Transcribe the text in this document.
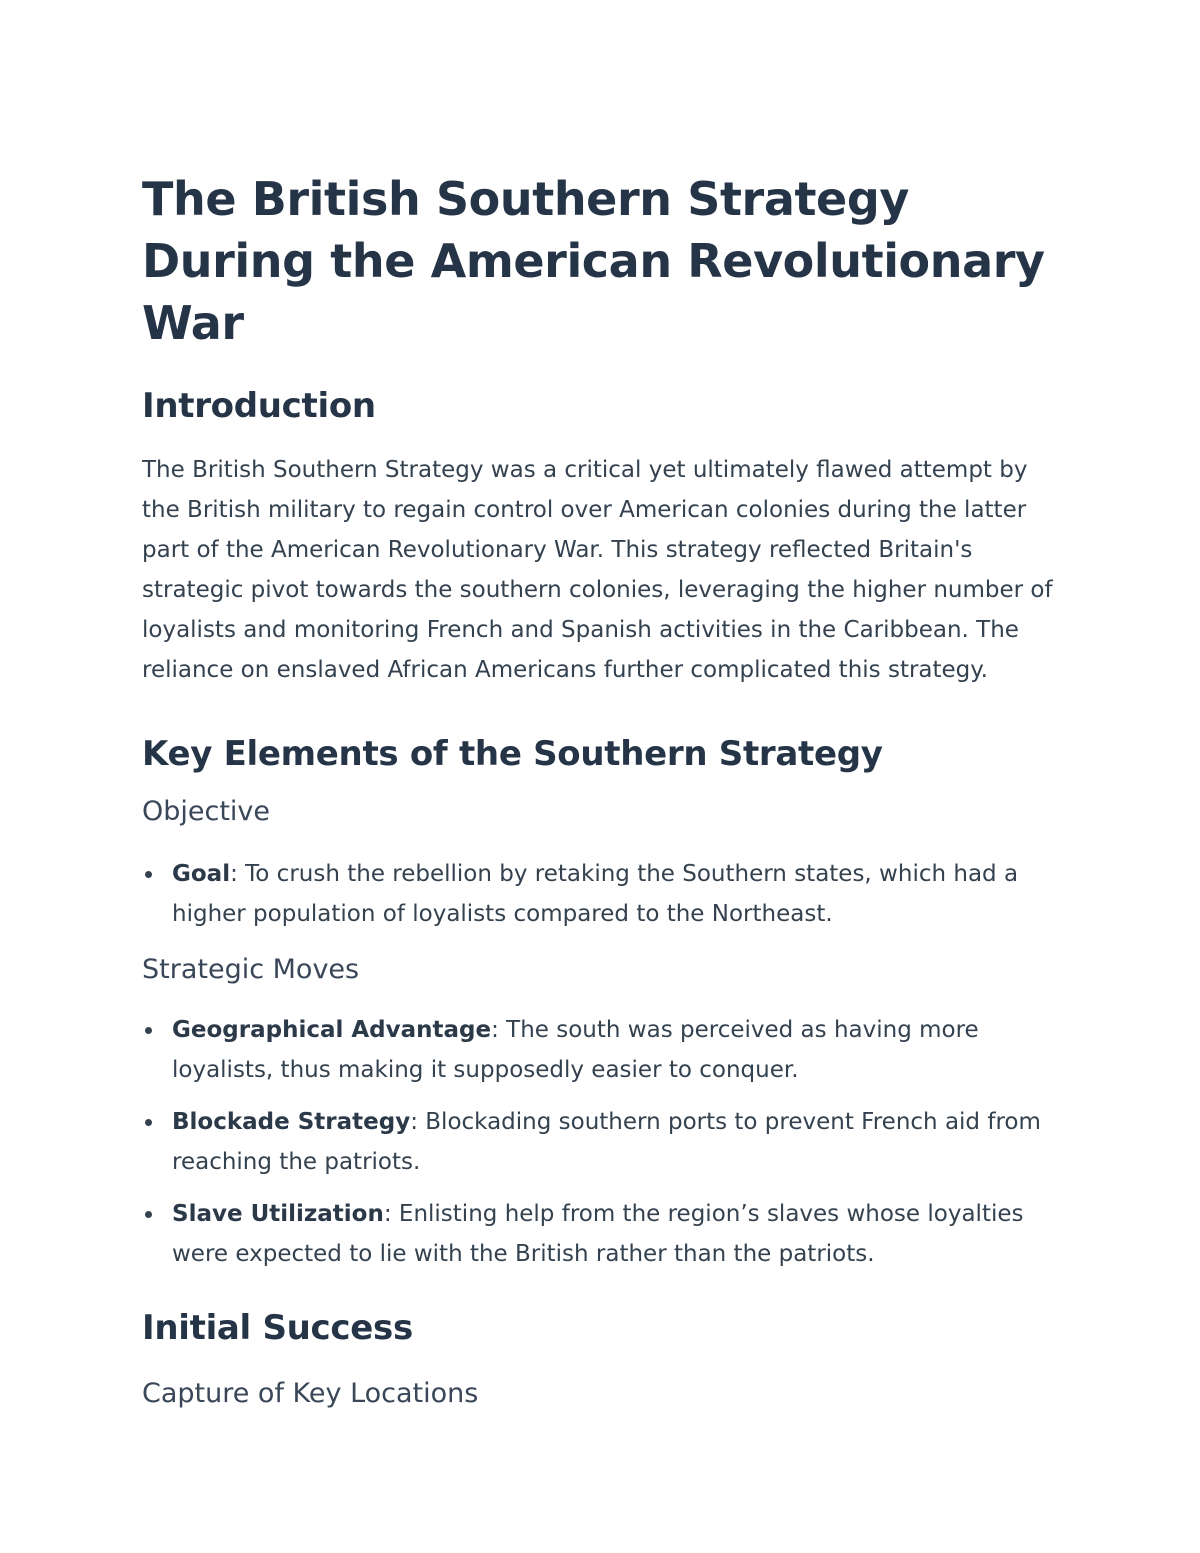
The British Southern Strategy During the American Revolutionary War
Introduction

The British Southern Strategy was a critical yet ultimately flawed attempt by the British military to regain control over American colonies during the latter part of the American Revolutionary War. This strategy reflected Britain's strategic pivot towards the southern colonies, leveraging the higher number of loyalists and monitoring French and Spanish activities in the Caribbean. The reliance on enslaved African Americans further complicated this strategy.

Key Elements of the Southern Strategy
Objective
Goal: To crush the rebellion by retaking the Southern states, which had a higher population of loyalists compared to the Northeast.
Strategic Moves
Geographical Advantage: The south was perceived as having more loyalists, thus making it supposedly easier to conquer.
Blockade Strategy: Blockading southern ports to prevent French aid from reaching the patriots.
Slave Utilization: Enlisting help from the region’s slaves whose loyalties were expected to lie with the British rather than the patriots.
Initial Success
Capture of Key Locations
